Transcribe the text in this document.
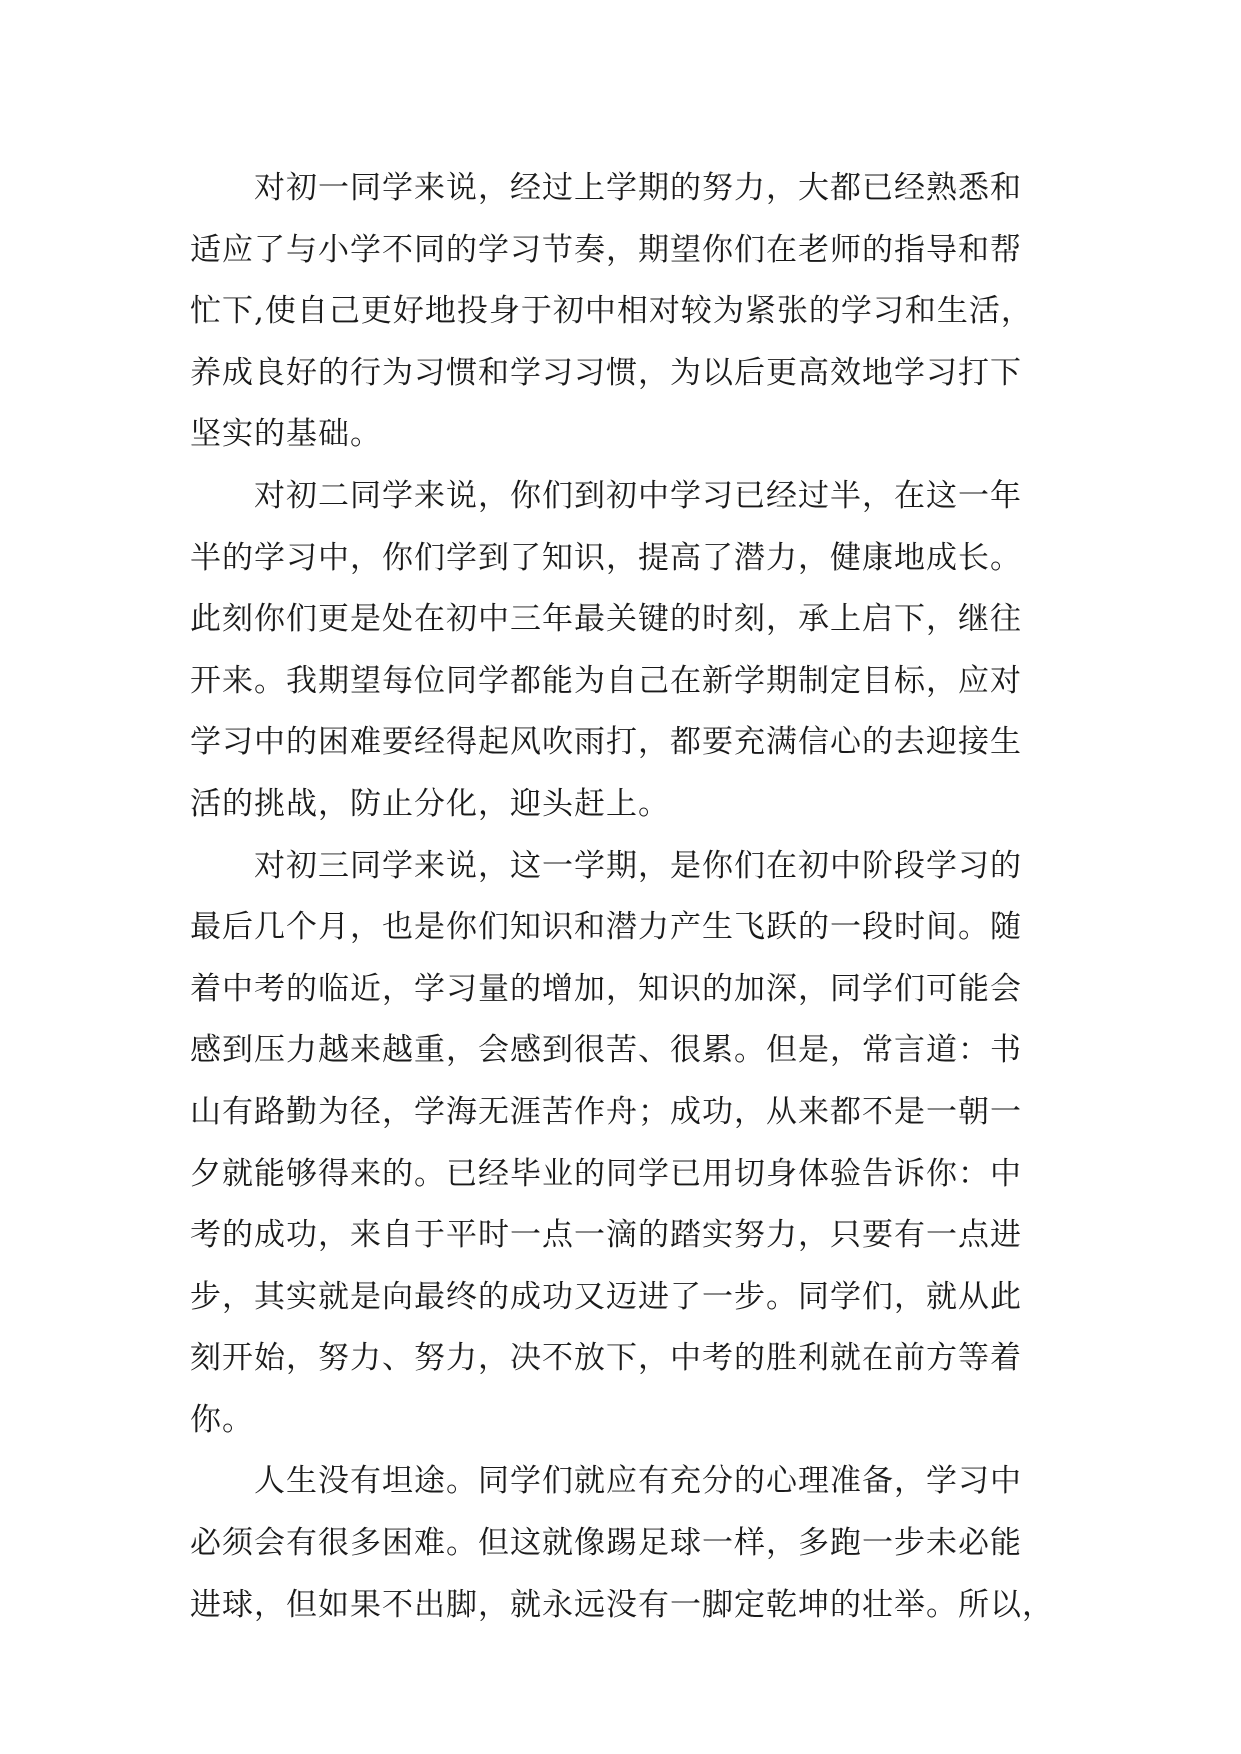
对初一同学来说，经过上学期的努力，大都已经熟悉和
适应了与小学不同的学习节奏，期望你们在老师的指导和帮
忙下,使自己更好地投身于初中相对较为紧张的学习和生活，
养成良好的行为习惯和学习习惯，为以后更高效地学习打下
坚实的基础。
对初二同学来说，你们到初中学习已经过半，在这一年
半的学习中，你们学到了知识，提高了潜力，健康地成长。
此刻你们更是处在初中三年最关键的时刻，承上启下，继往
开来。我期望每位同学都能为自己在新学期制定目标，应对
学习中的困难要经得起风吹雨打，都要充满信心的去迎接生
活的挑战，防止分化，迎头赶上。
对初三同学来说，这一学期，是你们在初中阶段学习的
最后几个月，也是你们知识和潜力产生飞跃的一段时间。随
着中考的临近，学习量的增加，知识的加深，同学们可能会
感到压力越来越重，会感到很苦、很累。但是，常言道：书
山有路勤为径，学海无涯苦作舟；成功，从来都不是一朝一
夕就能够得来的。已经毕业的同学已用切身体验告诉你：中
考的成功，来自于平时一点一滴的踏实努力，只要有一点进
步，其实就是向最终的成功又迈进了一步。同学们，就从此
刻开始，努力、努力，决不放下，中考的胜利就在前方等着
你。
人生没有坦途。同学们就应有充分的心理准备，学习中
必须会有很多困难。但这就像踢足球一样，多跑一步未必能
进球，但如果不出脚，就永远没有一脚定乾坤的壮举。所以，
